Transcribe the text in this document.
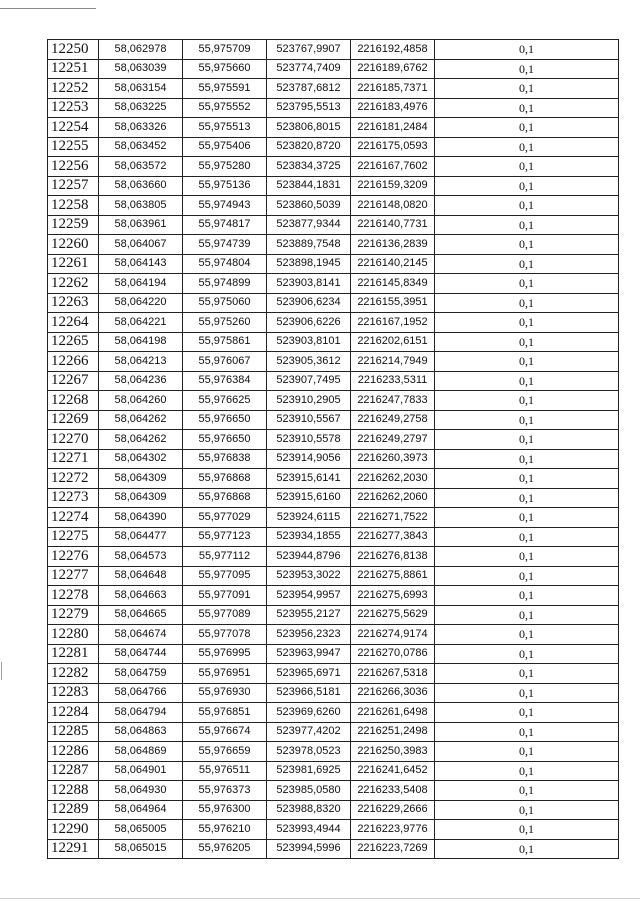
12250	58,062978	55,975709	523767,9907	2216192,4858	0,1
12251	58,063039	55,975660	523774,7409	2216189,6762	0,1
12252	58,063154	55,975591	523787,6812	2216185,7371	0,1
12253	58,063225	55,975552	523795,5513	2216183,4976	0,1
12254	58,063326	55,975513	523806,8015	2216181,2484	0,1
12255	58,063452	55,975406	523820,8720	2216175,0593	0,1
12256	58,063572	55,975280	523834,3725	2216167,7602	0,1
12257	58,063660	55,975136	523844,1831	2216159,3209	0,1
12258	58,063805	55,974943	523860,5039	2216148,0820	0,1
12259	58,063961	55,974817	523877,9344	2216140,7731	0,1
12260	58,064067	55,974739	523889,7548	2216136,2839	0,1
12261	58,064143	55,974804	523898,1945	2216140,2145	0,1
12262	58,064194	55,974899	523903,8141	2216145,8349	0,1
12263	58,064220	55,975060	523906,6234	2216155,3951	0,1
12264	58,064221	55,975260	523906,6226	2216167,1952	0,1
12265	58,064198	55,975861	523903,8101	2216202,6151	0,1
12266	58,064213	55,976067	523905,3612	2216214,7949	0,1
12267	58,064236	55,976384	523907,7495	2216233,5311	0,1
12268	58,064260	55,976625	523910,2905	2216247,7833	0,1
12269	58,064262	55,976650	523910,5567	2216249,2758	0,1
12270	58,064262	55,976650	523910,5578	2216249,2797	0,1
12271	58,064302	55,976838	523914,9056	2216260,3973	0,1
12272	58,064309	55,976868	523915,6141	2216262,2030	0,1
12273	58,064309	55,976868	523915,6160	2216262,2060	0,1
12274	58,064390	55,977029	523924,6115	2216271,7522	0,1
12275	58,064477	55,977123	523934,1855	2216277,3843	0,1
12276	58,064573	55,977112	523944,8796	2216276,8138	0,1
12277	58,064648	55,977095	523953,3022	2216275,8861	0,1
12278	58,064663	55,977091	523954,9957	2216275,6993	0,1
12279	58,064665	55,977089	523955,2127	2216275,5629	0,1
12280	58,064674	55,977078	523956,2323	2216274,9174	0,1
12281	58,064744	55,976995	523963,9947	2216270,0786	0,1
12282	58,064759	55,976951	523965,6971	2216267,5318	0,1
12283	58,064766	55,976930	523966,5181	2216266,3036	0,1
12284	58,064794	55,976851	523969,6260	2216261,6498	0,1
12285	58,064863	55,976674	523977,4202	2216251,2498	0,1
12286	58,064869	55,976659	523978,0523	2216250,3983	0,1
12287	58,064901	55,976511	523981,6925	2216241,6452	0,1
12288	58,064930	55,976373	523985,0580	2216233,5408	0,1
12289	58,064964	55,976300	523988,8320	2216229,2666	0,1
12290	58,065005	55,976210	523993,4944	2216223,9776	0,1
12291	58,065015	55,976205	523994,5996	2216223,7269	0,1
